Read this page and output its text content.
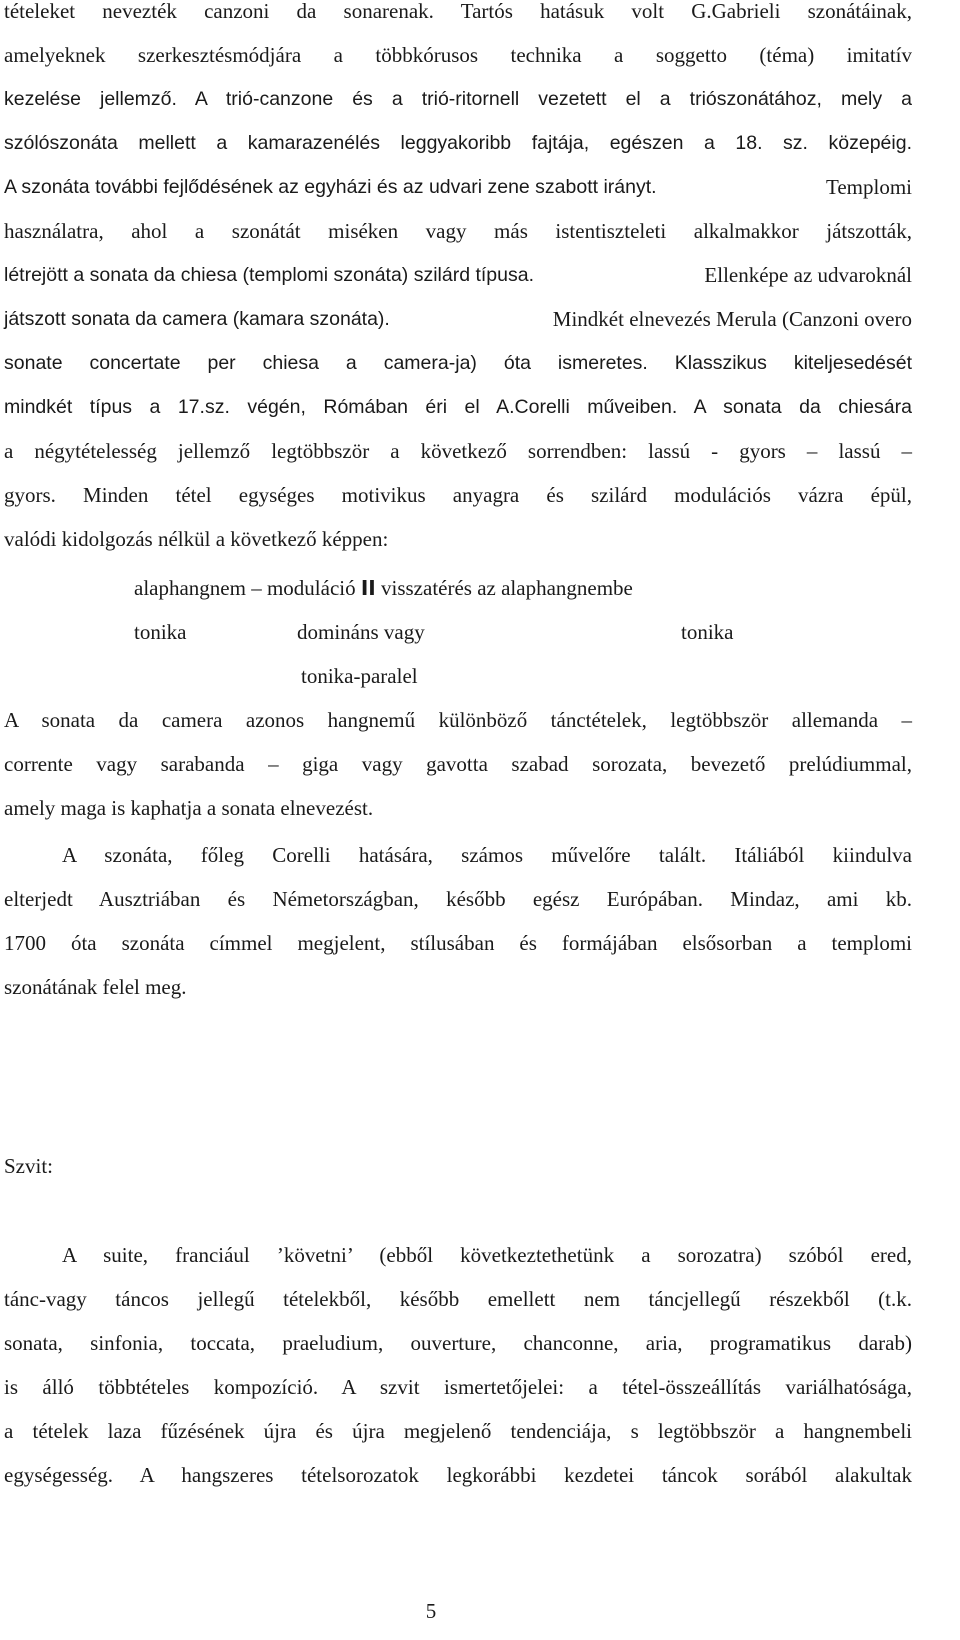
tételeket nevezték canzoni da sonarenak. Tartós hatásuk volt G.Gabrieli szonátáinak,
amelyeknek szerkesztésmódjára a többkórusos technika a soggetto (téma) imitatív
kezelése jellemző. A trió-canzone és a trió-ritornell vezetett el a triószonátához, mely a
szólószonáta mellett a kamarazenélés leggyakoribb fajtája, egészen a 18. sz. közepéig.
A szonáta további fejlődésének az egyházi és az udvari zene szabott irányt.	Templomi
használatra, ahol a szonátát miséken vagy más istentiszteleti alkalmakkor játszották,
létrejött a sonata da chiesa (templomi szonáta) szilárd típusa.	Ellenképe az udvaroknál
játszott sonata da camera (kamara szonáta).	Mindkét elnevezés Merula (Canzoni overo
sonate concertate per chiesa a camera-ja) óta ismeretes. Klasszikus kiteljesedését
mindkét típus a 17.sz. végén, Rómában éri el A.Corelli műveiben. A sonata da chiesára
a négytételesség jellemző legtöbbször a következő sorrendben: lassú - gyors – lassú –
gyors. Minden tétel egységes motivikus anyagra és szilárd modulációs vázra épül,
valódi kidolgozás nélkül a következő képpen:
alaphangnem – moduláció II visszatérés az alaphangnembe
tonika	domináns vagy	tonika
tonika-paralel
A sonata da camera azonos hangnemű különböző tánctételek, legtöbbször allemanda –
corrente vagy sarabanda – giga vagy gavotta szabad sorozata, bevezető prelúdiummal,
amely maga is kaphatja a sonata elnevezést.
A szonáta, főleg Corelli hatására, számos művelőre talált. Itáliából kiindulva
elterjedt Ausztriában és Németországban, később egész Európában. Mindaz, ami kb.
1700 óta szonáta címmel megjelent, stílusában és formájában elsősorban a templomi
szonátának felel meg.
Szvit:
A suite, franciául ’követni’ (ebből következtethetünk a sorozatra) szóból ered,
tánc-vagy táncos jellegű tételekből, később emellett nem táncjellegű részekből (t.k.
sonata, sinfonia, toccata, praeludium, ouverture, chanconne, aria, programatikus darab)
is álló többtételes kompozíció. A szvit ismertetőjelei: a tétel-összeállítás variálhatósága,
a tételek laza fűzésének újra és újra megjelenő tendenciája, s legtöbbször a hangnembeli
egységesség. A hangszeres tételsorozatok legkorábbi kezdetei táncok sorából alakultak
5
